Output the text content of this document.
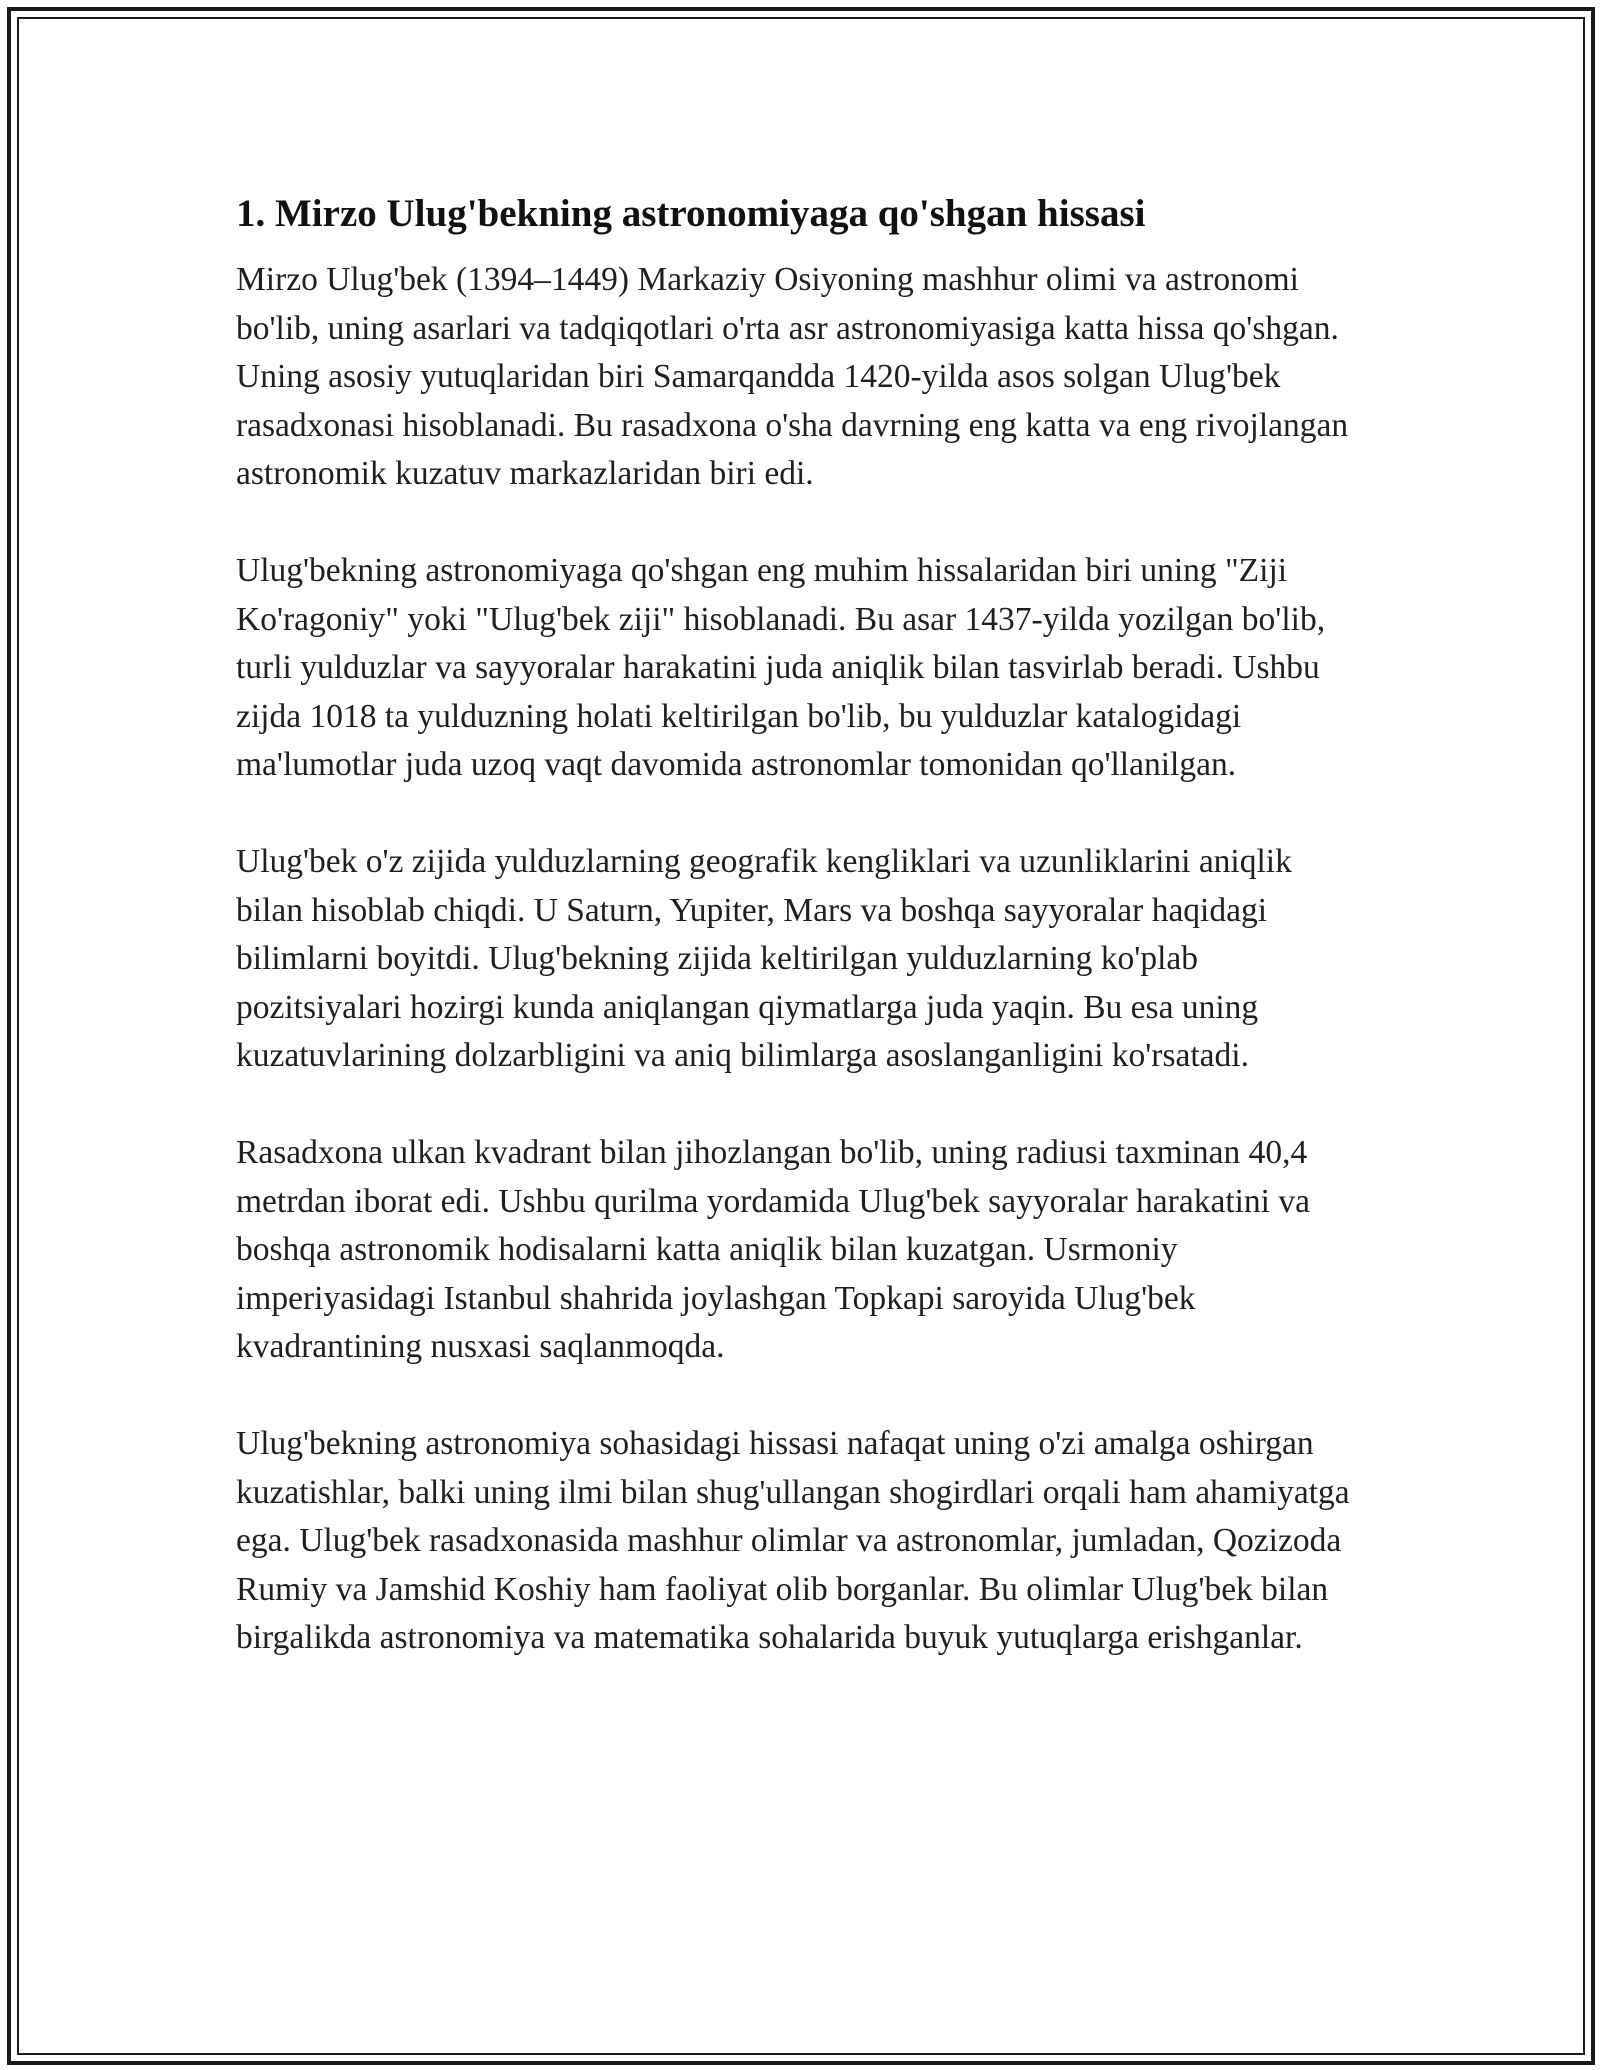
1. Mirzo Ulug'bekning astronomiyaga qo'shgan hissasi

Mirzo Ulug'bek (1394–1449) Markaziy Osiyoning mashhur olimi va astronomi bo'lib, uning asarlari va tadqiqotlari o'rta asr astronomiyasiga katta hissa qo'shgan. Uning asosiy yutuqlaridan biri Samarqandda 1420-yilda asos solgan Ulug'bek rasadxonasi hisoblanadi. Bu rasadxona o'sha davrning eng katta va eng rivojlangan astronomik kuzatuv markazlaridan biri edi.

Ulug'bekning astronomiyaga qo'shgan eng muhim hissalaridan biri uning "Ziji Ko'ragoniy" yoki "Ulug'bek ziji" hisoblanadi. Bu asar 1437-yilda yozilgan bo'lib, turli yulduzlar va sayyoralar harakatini juda aniqlik bilan tasvirlab beradi. Ushbu zijda 1018 ta yulduzning holati keltirilgan bo'lib, bu yulduzlar katalogidagi ma'lumotlar juda uzoq vaqt davomida astronomlar tomonidan qo'llanilgan.

Ulug'bek o'z zijida yulduzlarning geografik kengliklari va uzunliklarini aniqlik bilan hisoblab chiqdi. U Saturn, Yupiter, Mars va boshqa sayyoralar haqidagi bilimlarni boyitdi. Ulug'bekning zijida keltirilgan yulduzlarning ko'plab pozitsiyalari hozirgi kunda aniqlangan qiymatlarga juda yaqin. Bu esa uning kuzatuvlarining dolzarbligini va aniq bilimlarga asoslanganligini ko'rsatadi.

Rasadxona ulkan kvadrant bilan jihozlangan bo'lib, uning radiusi taxminan 40,4 metrdan iborat edi. Ushbu qurilma yordamida Ulug'bek sayyoralar harakatini va boshqa astronomik hodisalarni katta aniqlik bilan kuzatgan. Usrmoniy imperiyasidagi Istanbul shahrida joylashgan Topkapi saroyida Ulug'bek kvadrantining nusxasi saqlanmoqda.

Ulug'bekning astronomiya sohasidagi hissasi nafaqat uning o'zi amalga oshirgan kuzatishlar, balki uning ilmi bilan shug'ullangan shogirdlari orqali ham ahamiyatga ega. Ulug'bek rasadxonasida mashhur olimlar va astronomlar, jumladan, Qozizoda Rumiy va Jamshid Koshiy ham faoliyat olib borganlar. Bu olimlar Ulug'bek bilan birgalikda astronomiya va matematika sohalarida buyuk yutuqlarga erishganlar.
